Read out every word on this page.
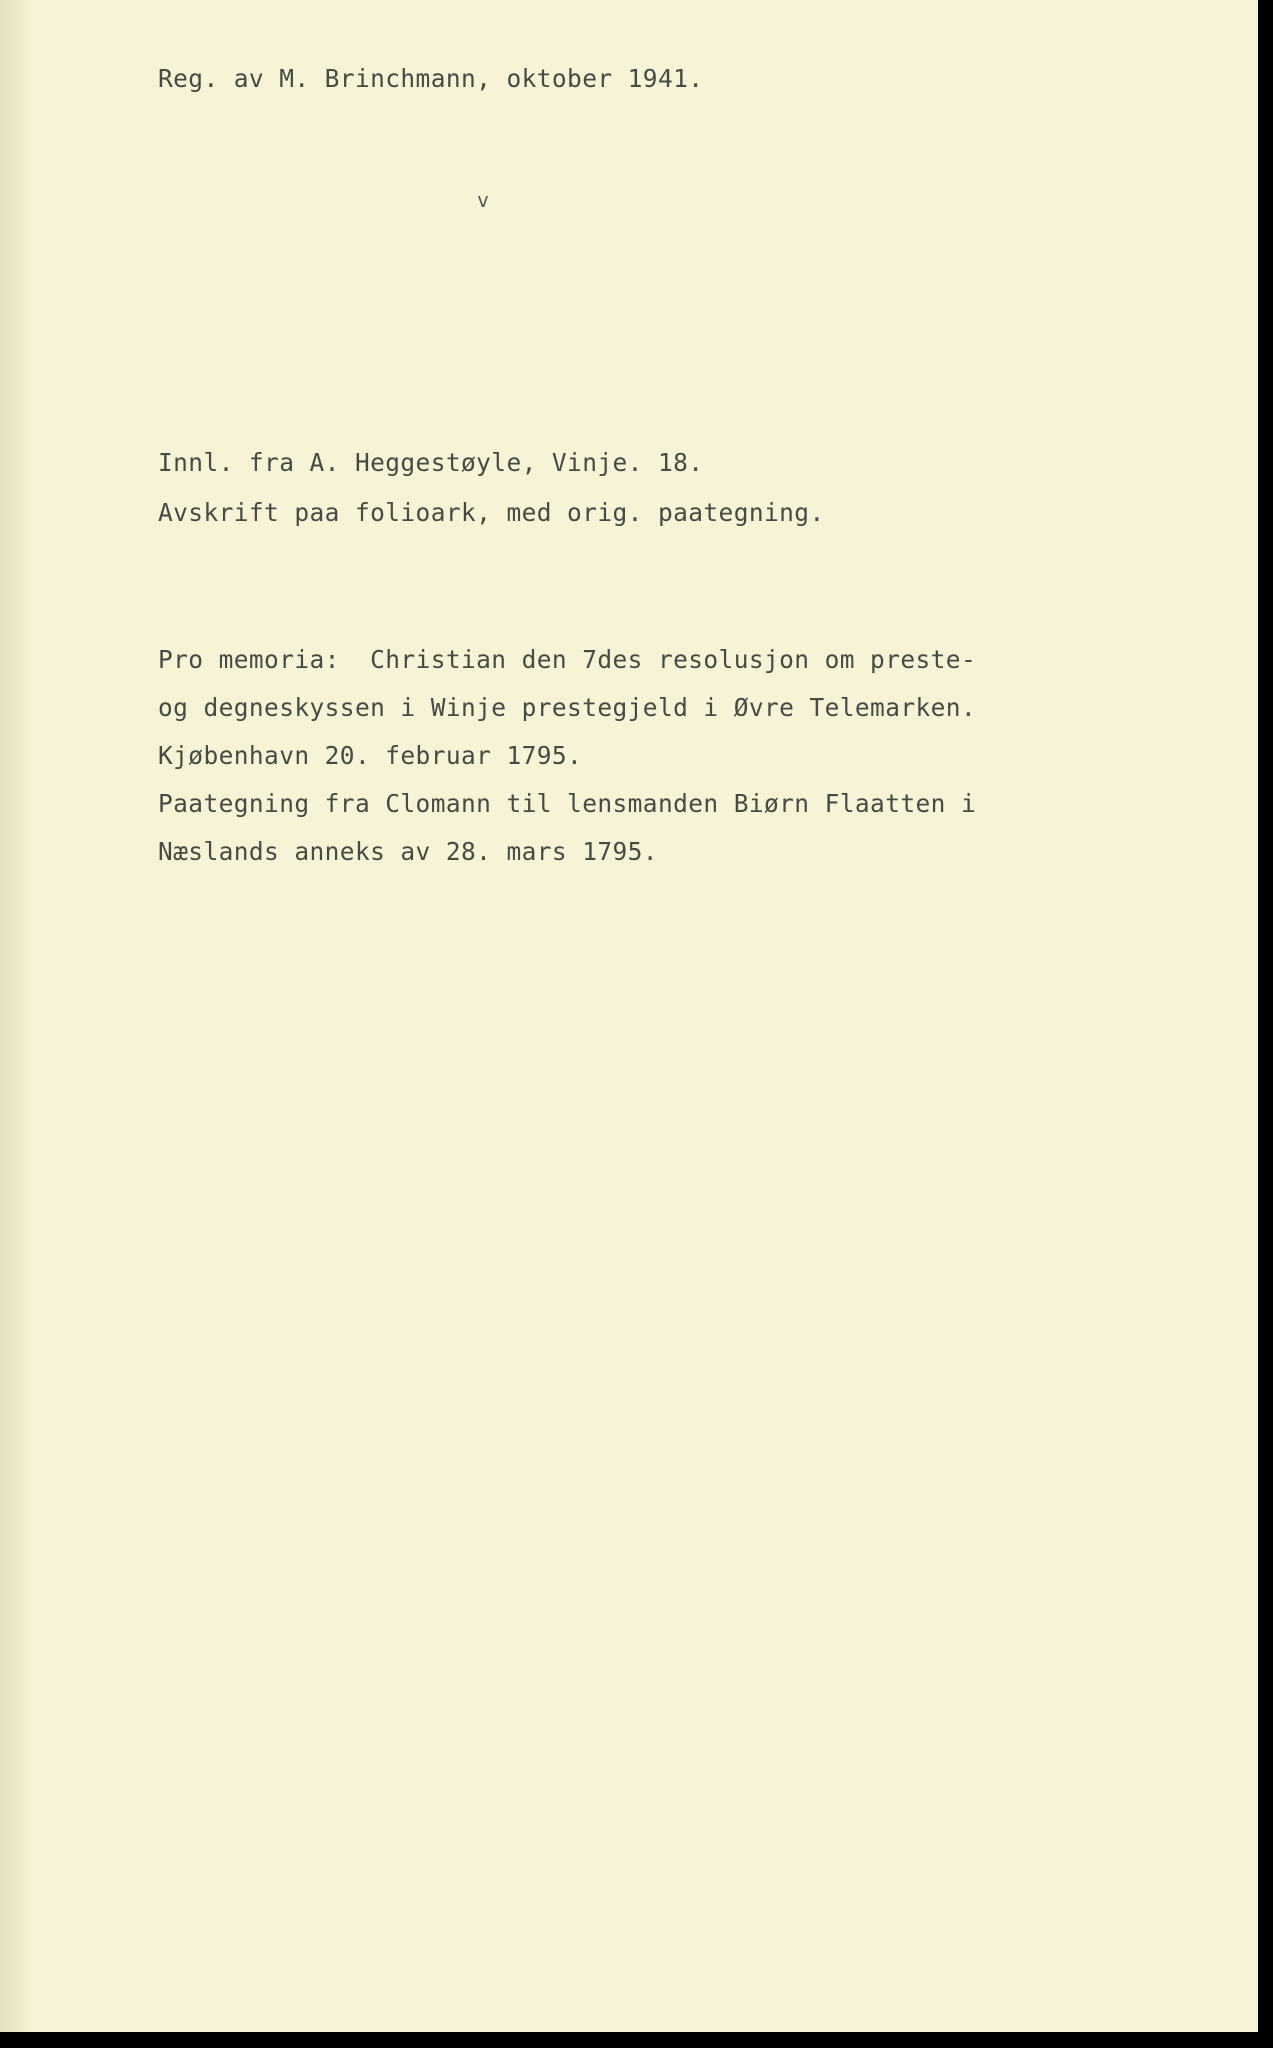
Reg. av M. Brinchmann, oktober 1941.

v

Innl. fra A. Heggestøyle, Vinje. 18.

Avskrift paa folioark, med orig. paategning.

Pro memoria:  Christian den 7des resolusjon om preste-

og degneskyssen i Winje prestegjeld i Øvre Telemarken.

Kjøbenhavn 20. februar 1795.

Paategning fra Clomann til lensmanden Biørn Flaatten i

Næslands anneks av 28. mars 1795.
